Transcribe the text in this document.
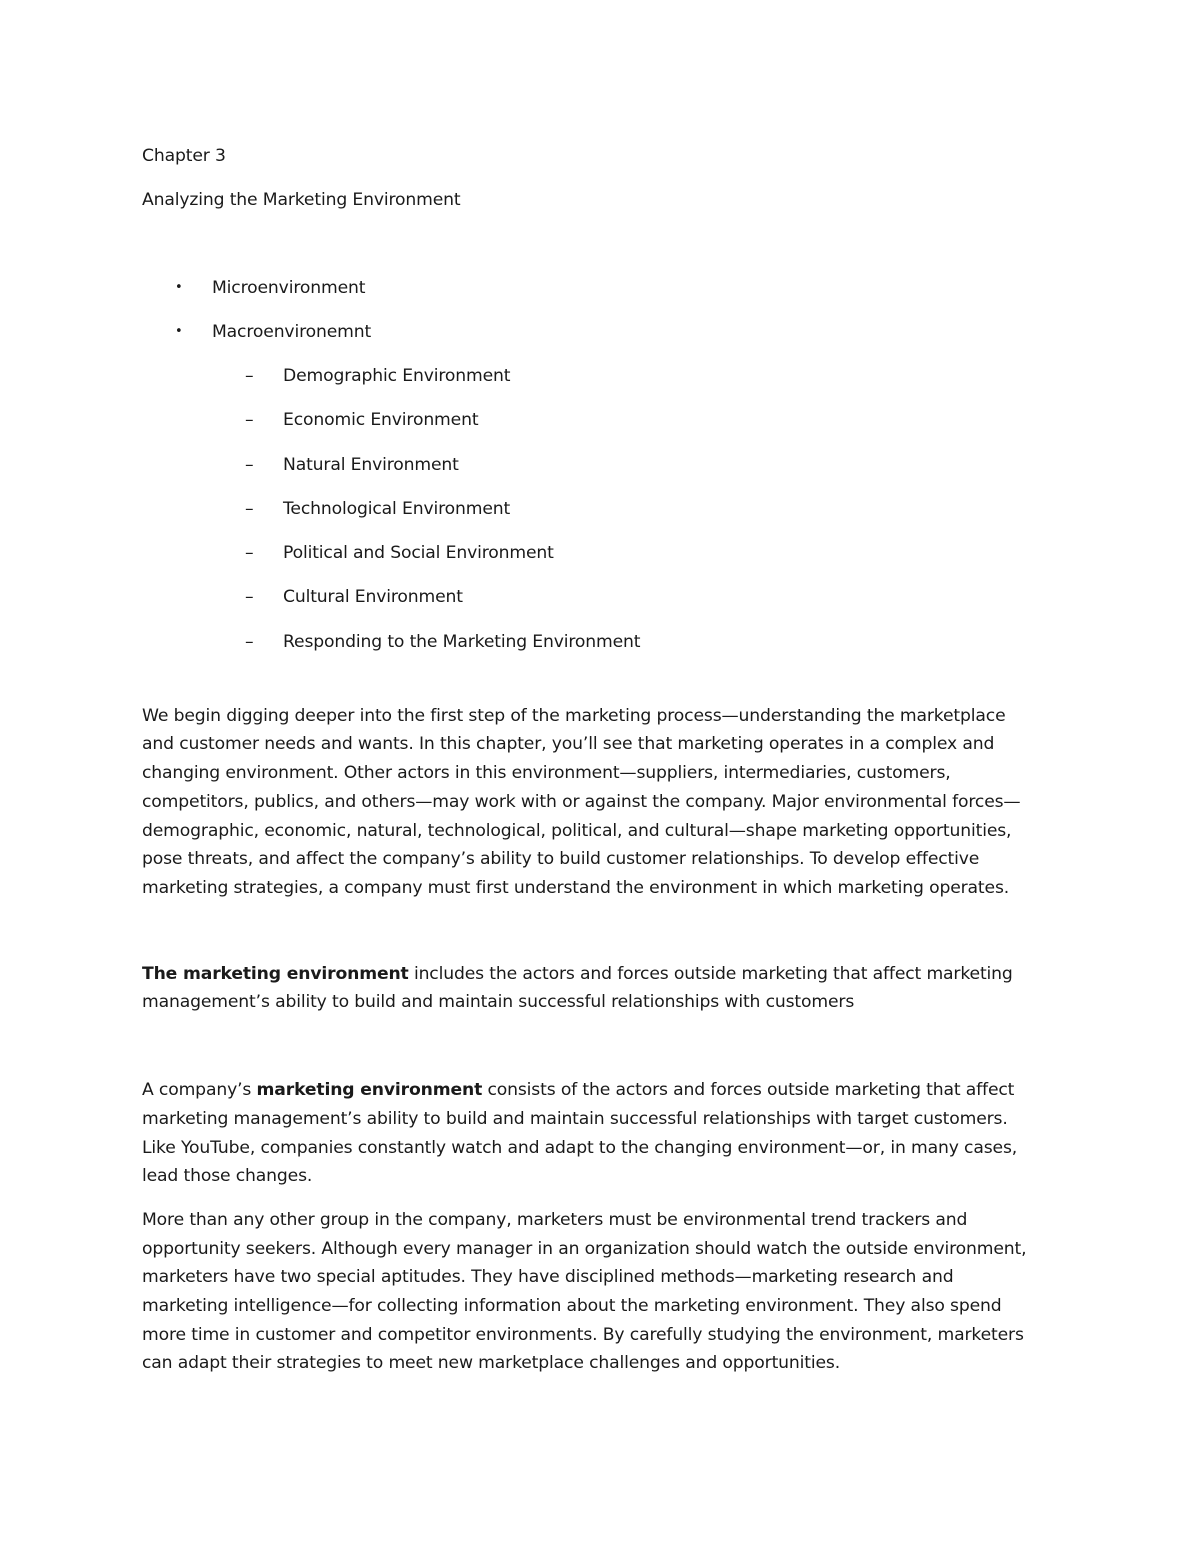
Chapter 3

Analyzing the Marketing Environment

• Microenvironment
• Macroenvironemnt
– Demographic Environment
– Economic Environment
– Natural Environment
– Technological Environment
– Political and Social Environment
– Cultural Environment
– Responding to the Marketing Environment

We begin digging deeper into the first step of the marketing process—understanding the marketplace

and customer needs and wants. In this chapter, you’ll see that marketing operates in a complex and

changing environment. Other actors in this environment—suppliers, intermediaries, customers,

competitors, publics, and others—may work with or against the company. Major environmental forces—

demographic, economic, natural, technological, political, and cultural—shape marketing opportunities,

pose threats, and affect the company’s ability to build customer relationships. To develop effective

marketing strategies, a company must first understand the environment in which marketing operates.

The marketing environment includes the actors and forces outside marketing that affect marketing

management’s ability to build and maintain successful relationships with customers

A company’s marketing environment consists of the actors and forces outside marketing that affect

marketing management’s ability to build and maintain successful relationships with target customers.

Like YouTube, companies constantly watch and adapt to the changing environment—or, in many cases,

lead those changes.

More than any other group in the company, marketers must be environmental trend trackers and

opportunity seekers. Although every manager in an organization should watch the outside environment,

marketers have two special aptitudes. They have disciplined methods—marketing research and

marketing intelligence—for collecting information about the marketing environment. They also spend

more time in customer and competitor environments. By carefully studying the environment, marketers

can adapt their strategies to meet new marketplace challenges and opportunities.
